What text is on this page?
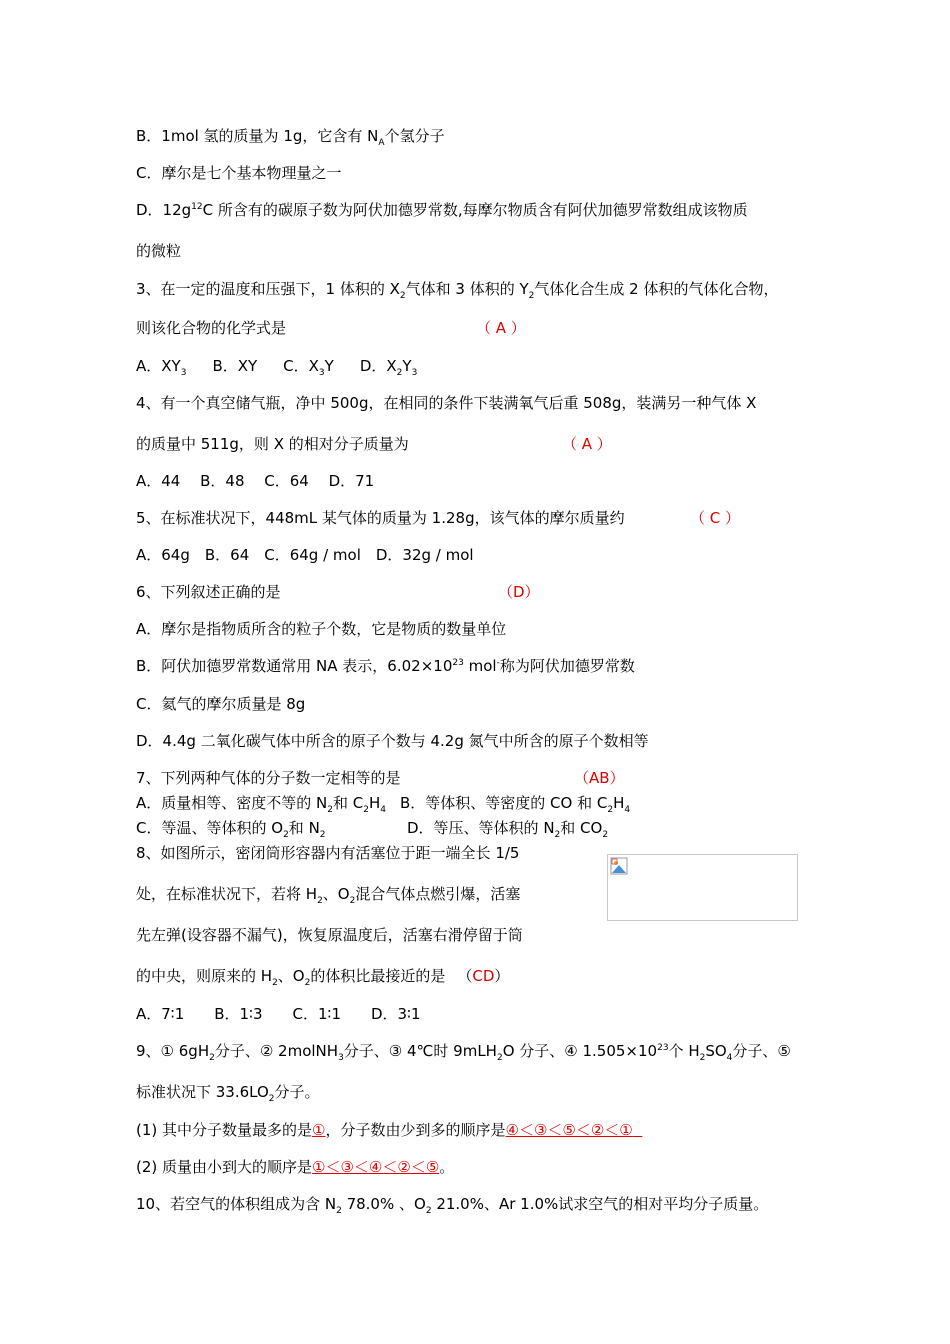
B．1mol 氢的质量为 1g，它含有 $N_A$个氢分子
C．摩尔是七个基本物理量之一
D．$12g^{12}C$ 所含有的碳原子数为阿伏加德罗常数,每摩尔物质含有阿伏加德罗常数组成该物质
的微粒
3、在一定的温度和压强下，1 体积的 $X_2$气体和 3 体积的 $Y_2$气体化合生成 2 体积的气体化合物，
则该化合物的化学式是	（ A ）
A．$XY_3$ B．XY C．$X_3Y$ D．$X_2Y_3$
4、有一个真空储气瓶，净中 500g，在相同的条件下装满氧气后重 508g，装满另一种气体 X
的质量中 511g，则 X 的相对分子质量为	（ A ）
A．44　 B．48　 C．64　 D．71
5、在标准状况下，448mL 某气体的质量为 1.28g，该气体的摩尔质量约	（ C ）
A．64g　B．64　C．64g / mol　D．32g / mol
6、下列叙述正确的是	（D）
A．摩尔是指物质所含的粒子个数，它是物质的数量单位
B．阿伏加德罗常数通常用 NA 表示，$6.02\times 10^{23}$ mol-称为阿伏加德罗常数
C．氦气的摩尔质量是 8g
D．4.4g 二氧化碳气体中所含的原子个数与 4.2g 氮气中所含的原子个数相等
7、下列两种气体的分子数一定相等的是	（AB）
A．质量相等、密度不等的 $N_2$和 $C_2H_4$ B．等体积、等密度的 CO 和 $C_2H_4$
C．等温、等体积的 $O_2$和 $N_2$	D．等压、等体积的 $N_2$和 $CO_2$
8、如图所示，密闭筒形容器内有活塞位于距一端全长 1/5
处，在标准状况下，若将 $H_2$、$O_2$混合气体点燃引爆，活塞
先左弹(设容器不漏气)，恢复原温度后，活塞右滑停留于筒
的中央，则原来的 $H_2$、$O_2$的体积比最接近的是 （CD）
A．7∶1　　B．1∶3　　C．1∶1　　D．3∶1
9、① $6gH_2$分子、② 2molNH$_3$分子、③ 4℃时 9mLH$_2$O 分子、④ $1.505\times 10^{23}$个 $H_2SO_4$分子、⑤
标准状况下 $33.6LO_2$分子。
(1) 其中分子数量最多的是①，分子数由少到多的顺序是④＜③＜⑤＜②＜①
(2) 质量由小到大的顺序是①＜③＜④＜②＜⑤。
10、若空气的体积组成为含 $N_2$ 78.0% 、$O_2$ 21.0%、Ar 1.0%试求空气的相对平均分子质量。
